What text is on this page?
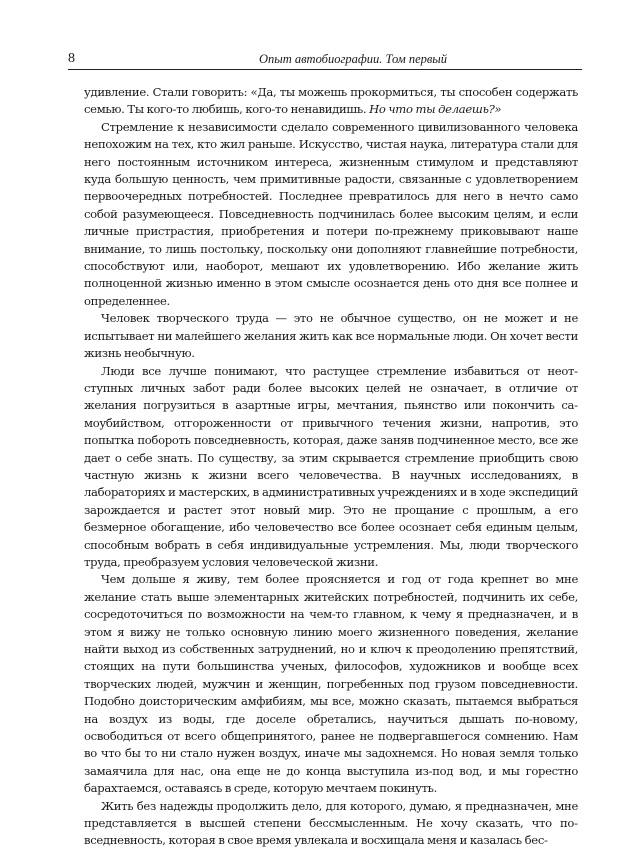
8	Опыт автобиографии. Том первый

удивление. Стали говорить: «Да, ты можешь прокормиться, ты способен содержать семью. Ты кого-то любишь, кого-то ненавидишь. Но что ты делаешь?»

Стремление к независимости сделало современного цивилизованного человека непохожим на тех, кто жил раньше. Искусство, чистая наука, литература стали для него постоянным источником интереса, жизненным стимулом и представляют куда большую ценность, чем примитивные радости, связанные с удовлетворением первоочередных потребностей. Последнее превратилось для него в нечто само собой разумеющееся. Повседневность подчинилась более высоким целям, и если личные пристрастия, приобретения и потери по-прежнему приковывают наше внимание, то лишь постольку, поскольку они дополняют главнейшие потребности, способствуют или, наоборот, мешают их удовлетворению. Ибо желание жить полноценной жизнью именно в этом смысле осознается день ото дня все полнее и определеннее.

Человек творческого труда — это не обычное существо, он не может и не испытывает ни малейшего желания жить как все нормальные люди. Он хочет вести жизнь необычную.

Люди все лучше понимают, что растущее стремление избавиться от неотступных личных забот ради более высоких целей не означает, в отличие от желания погрузиться в азартные игры, мечтания, пьянство или покончить самоубийством, отгороженности от привычного течения жизни, напротив, это попытка побороть повседневность, которая, даже заняв подчиненное место, все же дает о себе знать. По существу, за этим скрывается стремление приобщить свою частную жизнь к жизни всего человечества. В научных исследованиях, в лабораториях и мастерских, в административных учреждениях и в ходе экспедиций зарождается и растет этот новый мир. Это не прощание с прошлым, а его безмерное обогащение, ибо человечество все более осознает себя единым целым, способным вобрать в себя индивидуальные устремления. Мы, люди творческого труда, преобразуем условия человеческой жизни.

Чем дольше я живу, тем более проясняется и год от года крепнет во мне желание стать выше элементарных житейских потребностей, подчинить их себе, сосредоточиться по возможности на чем-то главном, к чему я предназначен, и в этом я вижу не только основную линию моего жизненного поведения, желание найти выход из собственных затруднений, но и ключ к преодолению препятствий, стоящих на пути большинства ученых, философов, художников и вообще всех творческих людей, мужчин и женщин, погребенных под грузом повседневности. Подобно доисторическим амфибиям, мы все, можно сказать, пытаемся выбраться на воздух из воды, где доселе обретались, научиться дышать по-новому, освободиться от всего общепринятого, ранее не подвергавшегося сомнению. Нам во что бы то ни стало нужен воздух, иначе мы задохнемся. Но новая земля только замаячила для нас, она еще не до конца выступила из-под вод, и мы горестно барахтаемся, оставаясь в среде, которую мечтаем покинуть.

Жить без надежды продолжить дело, для которого, думаю, я предназначен, мне представляется в высшей степени бессмысленным. Не хочу сказать, что повседневность, которая в свое время увлекала и восхищала меня и казалась бес-
